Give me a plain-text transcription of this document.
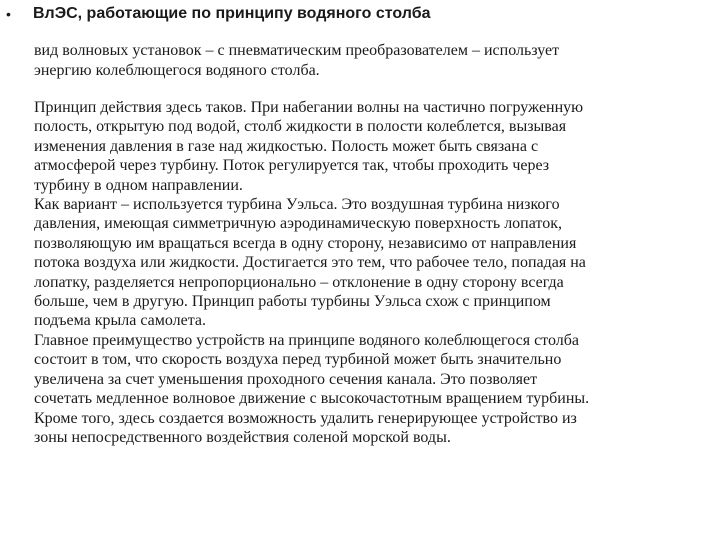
• ВлЭС, работающие по принципу водяного столба

вид волновых установок – с пневматическим преобразователем – использует
энергию колеблющегося водяного столба.

Принцип действия здесь таков. При набегании волны на частично погруженную
полость, открытую под водой, столб жидкости в полости колеблется, вызывая
изменения давления в газе над жидкостью. Полость может быть связана с
атмосферой через турбину. Поток регулируется так, чтобы проходить через
турбину в одном направлении.
Как вариант – используется турбина Уэльса. Это воздушная турбина низкого
давления, имеющая симметричную аэродинамическую поверхность лопаток,
позволяющую им вращаться всегда в одну сторону, независимо от направления
потока воздуха или жидкости. Достигается это тем, что рабочее тело, попадая на
лопатку, разделяется непропорционально – отклонение в одну сторону всегда
больше, чем в другую. Принцип работы турбины Уэльса схож с принципом
подъема крыла самолета.
Главное преимущество устройств на принципе водяного колеблющегося столба
состоит в том, что скорость воздуха перед турбиной может быть значительно
увеличена за счет уменьшения проходного сечения канала. Это позволяет
сочетать медленное волновое движение с высокочастотным вращением турбины.
Кроме того, здесь создается возможность удалить генерирующее устройство из
зоны непосредственного воздействия соленой морской воды.
